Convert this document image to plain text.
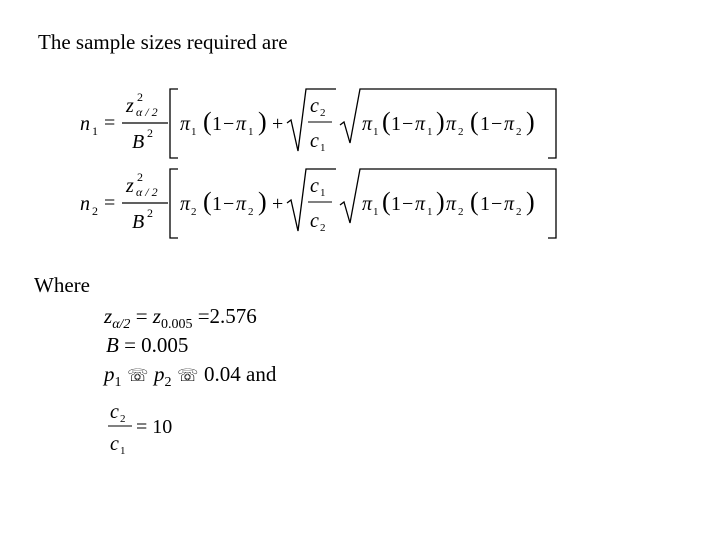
The sample sizes required are
n 1 =
z 2
α / 2
B 2 π 1 ( 1 − π 1 ) +
c 2
c 1
π 1 ( 1 − π 1 ) π 2 ( 1 − π 2 )
n 2 =
z 2
α / 2
B 2 π 2 ( 1 − π 2 ) +
c 1
c 2
π 1 ( 1 − π 1 ) π 2 ( 1 − π 2 )
Where
$z_{\alpha/2} = z_{0.005} =2.576$
B = 0.005
$p_1$ ☏ $p_2$ ☏ 0.04 and
c 2
c 1
= 10
